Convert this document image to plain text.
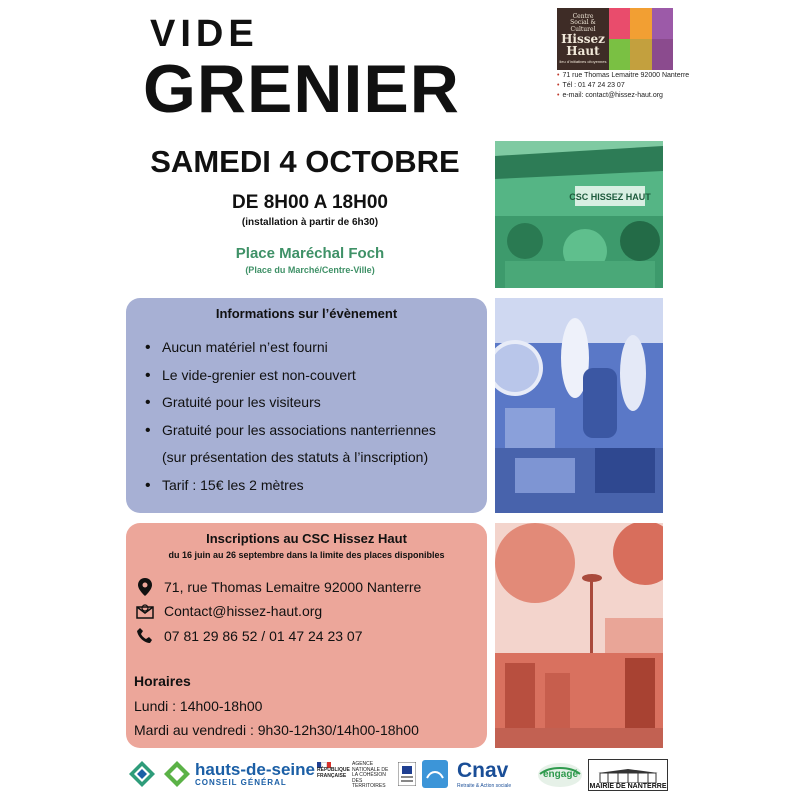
VIDE
GRENIER
Centre
Social & Culturel
Hissez
Haut
lieu d'initiatives citoyennes
• 71 rue Thomas Lemaitre 92000 Nanterre
• Tél : 01 47 24 23 07
• e-mail: contact@hissez-haut.org
SAMEDI 4 OCTOBRE
DE 8H00 A 18H00
(installation à partir de 6h30)
Place Maréchal Foch
(Place du Marché/Centre-Ville)
CSC HISSEZ HAUT
Informations sur l’évènement
• Aucun matériel n’est fourni
• Le vide-grenier est non-couvert
• Gratuité pour les visiteurs
• Gratuité pour les associations nanterriennes
(sur présentation des statuts à l’inscription)
• Tarif : 15€ les 2 mètres
Inscriptions au CSC Hissez Haut
du 16 juin au 26 septembre dans la limite des places disponibles
71, rue Thomas Lemaitre 92000 Nanterre
Contact@hissez-haut.org
07 81 29 86 52 / 01 47 24 23 07
Horaires
Lundi : 14h00-18h00
Mardi au vendredi : 9h30-12h30/14h00-18h00
hauts-de-seine
CONSEIL GÉNÉRAL
RÉPUBLIQUE FRANÇAISE
AGENCE NATIONALE DE LA COHÉSION DES TERRITOIRES
Cnav
Retraite & Action sociale
engagé
MAIRIE DE NANTERRE
